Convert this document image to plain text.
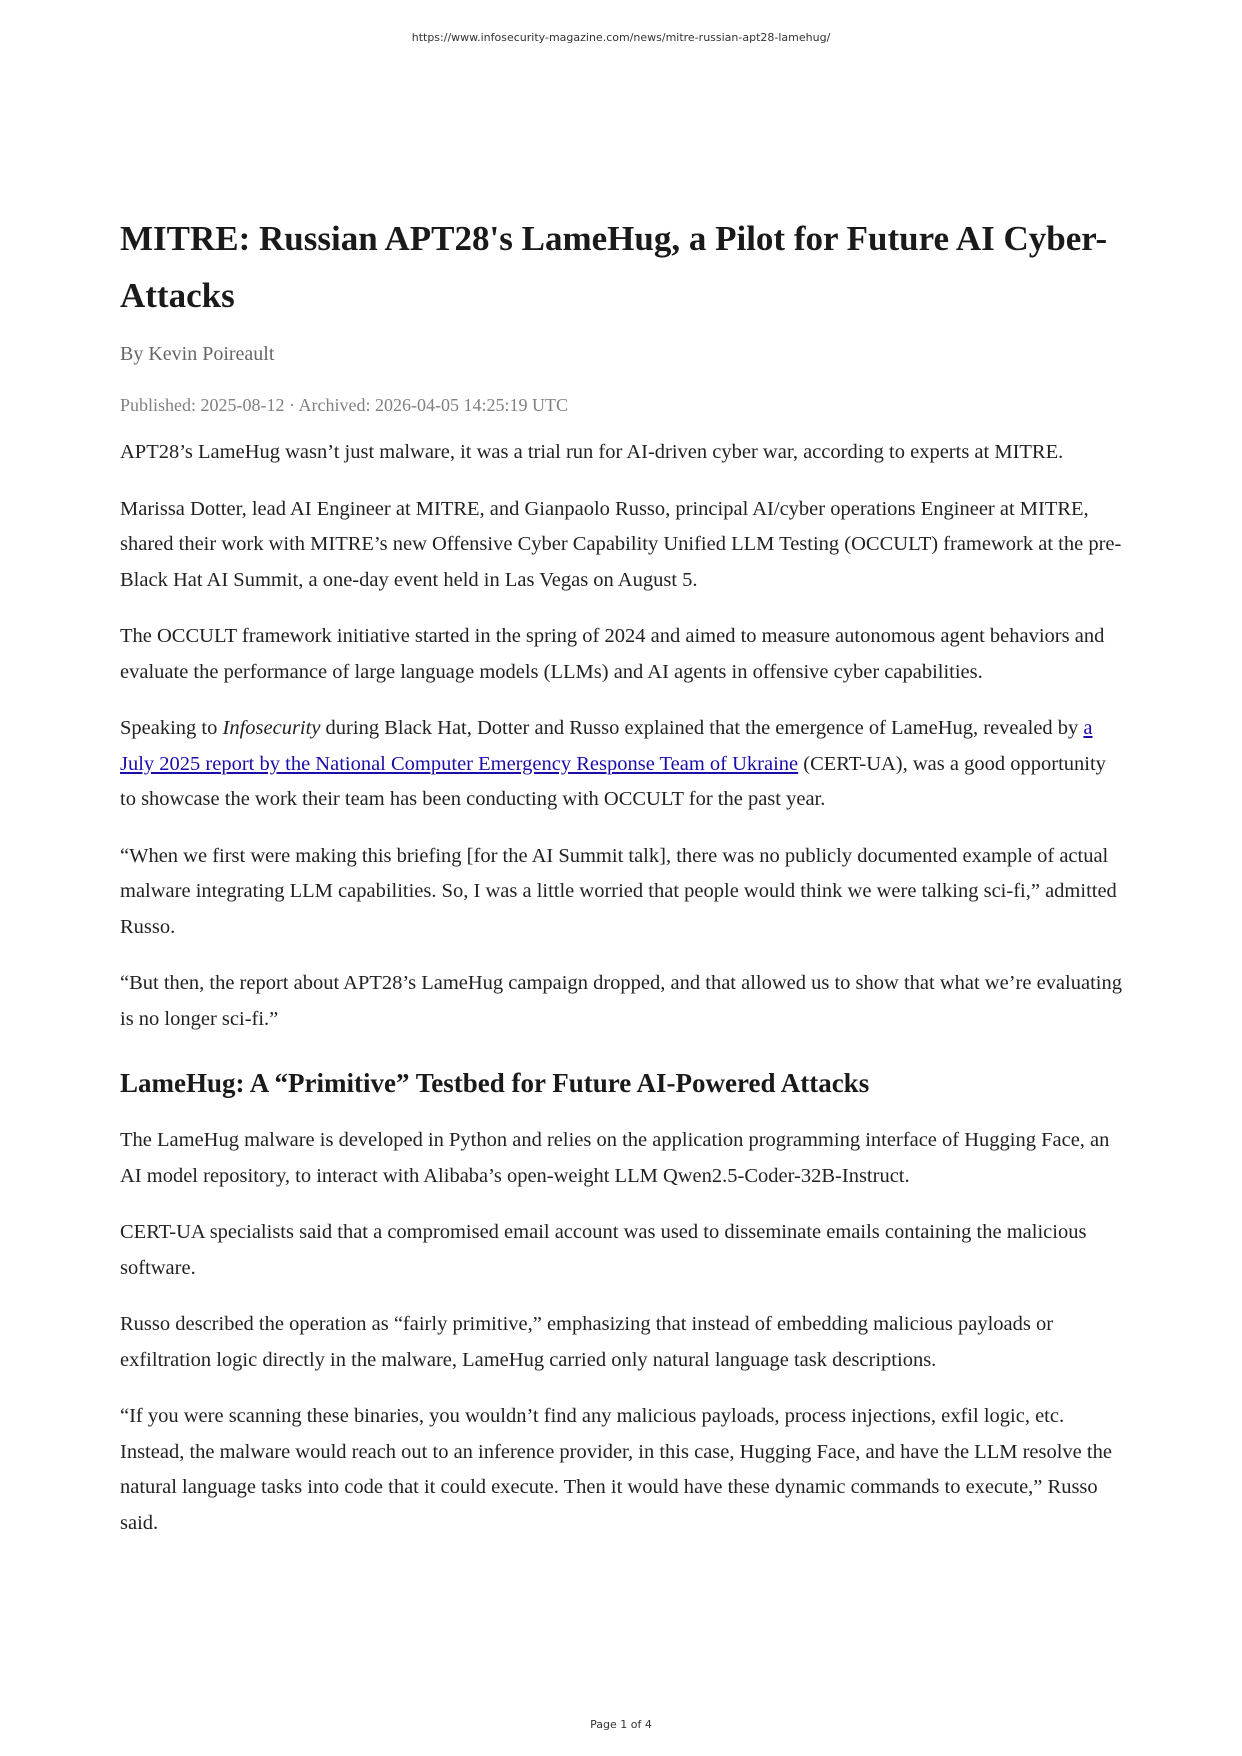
https://www.infosecurity-magazine.com/news/mitre-russian-apt28-lamehug/
MITRE: Russian APT28's LameHug, a Pilot for Future AI Cyber-Attacks
By Kevin Poireault
Published: 2025-08-12 · Archived: 2026-04-05 14:25:19 UTC

APT28’s LameHug wasn’t just malware, it was a trial run for AI-driven cyber war, according to experts at MITRE.

Marissa Dotter, lead AI Engineer at MITRE, and Gianpaolo Russo, principal AI/cyber operations Engineer at MITRE, shared their work with MITRE’s new Offensive Cyber Capability Unified LLM Testing (OCCULT) framework at the pre-Black Hat AI Summit, a one-day event held in Las Vegas on August 5.

The OCCULT framework initiative started in the spring of 2024 and aimed to measure autonomous agent behaviors and evaluate the performance of large language models (LLMs) and AI agents in offensive cyber capabilities.

Speaking to Infosecurity during Black Hat, Dotter and Russo explained that the emergence of LameHug, revealed by a July 2025 report by the National Computer Emergency Response Team of Ukraine (CERT-UA), was a good opportunity to showcase the work their team has been conducting with OCCULT for the past year.

“When we first were making this briefing [for the AI Summit talk], there was no publicly documented example of actual malware integrating LLM capabilities. So, I was a little worried that people would think we were talking sci-fi,” admitted Russo.

“But then, the report about APT28’s LameHug campaign dropped, and that allowed us to show that what we’re evaluating is no longer sci-fi.”

LameHug: A “Primitive” Testbed for Future AI-Powered Attacks

The LameHug malware is developed in Python and relies on the application programming interface of Hugging Face, an AI model repository, to interact with Alibaba’s open-weight LLM Qwen2.5-Coder-32B-Instruct.

CERT-UA specialists said that a compromised email account was used to disseminate emails containing the malicious software.

Russo described the operation as “fairly primitive,” emphasizing that instead of embedding malicious payloads or exfiltration logic directly in the malware, LameHug carried only natural language task descriptions.

“If you were scanning these binaries, you wouldn’t find any malicious payloads, process injections, exfil logic, etc. Instead, the malware would reach out to an inference provider, in this case, Hugging Face, and have the LLM resolve the natural language tasks into code that it could execute. Then it would have these dynamic commands to execute,” Russo said.

Page 1 of 4
